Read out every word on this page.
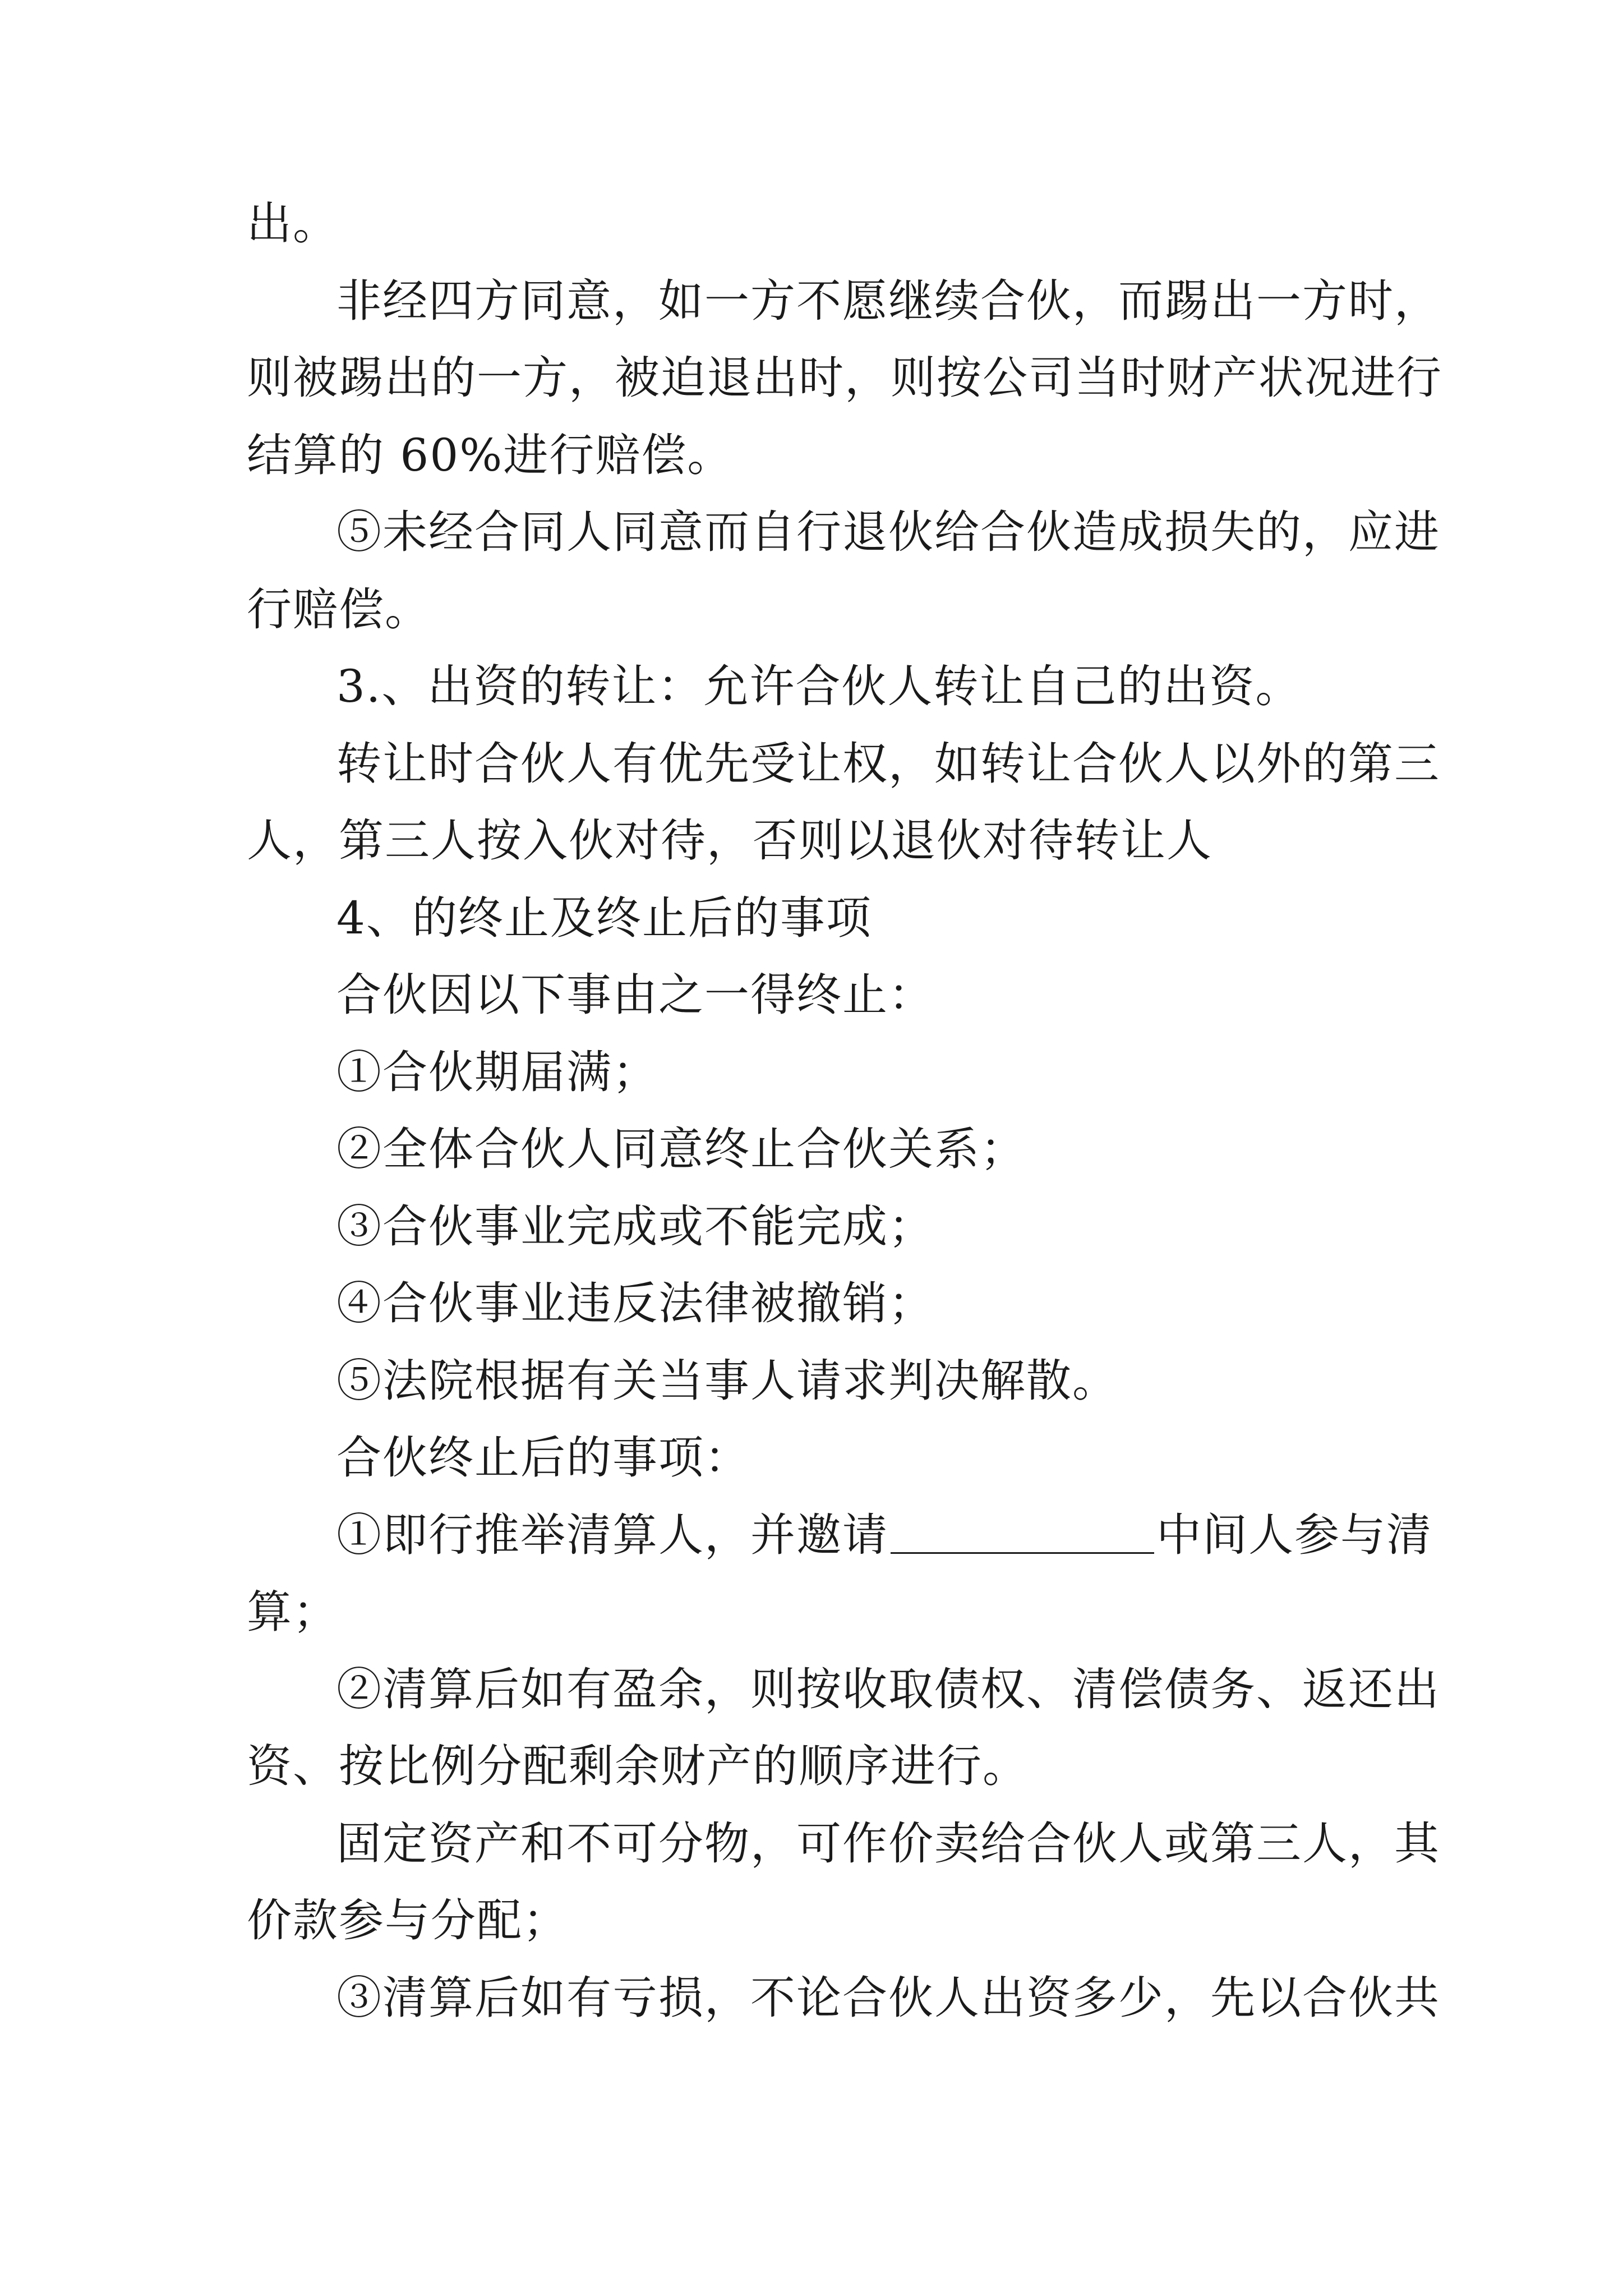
出。
非经四方同意，如一方不愿继续合伙，而踢出一方时，
则被踢出的一方，被迫退出时，则按公司当时财产状况进行
结算的 60%进行赔偿。
⑤未经合同人同意而自行退伙给合伙造成损失的，应进
行赔偿。
3.、出资的转让：允许合伙人转让自己的出资。
转让时合伙人有优先受让权，如转让合伙人以外的第三
人，第三人按入伙对待，否则以退伙对待转让人
4、的终止及终止后的事项
合伙因以下事由之一得终止：
①合伙期届满；
②全体合伙人同意终止合伙关系；
③合伙事业完成或不能完成；
④合伙事业违反法律被撤销；
⑤法院根据有关当事人请求判决解散。
合伙终止后的事项：
①即行推举清算人，并邀请	中间人参与清
算；
②清算后如有盈余，则按收取债权、清偿债务、返还出
资、按比例分配剩余财产的顺序进行。
固定资产和不可分物，可作价卖给合伙人或第三人，其
价款参与分配；
③清算后如有亏损，不论合伙人出资多少，先以合伙共
